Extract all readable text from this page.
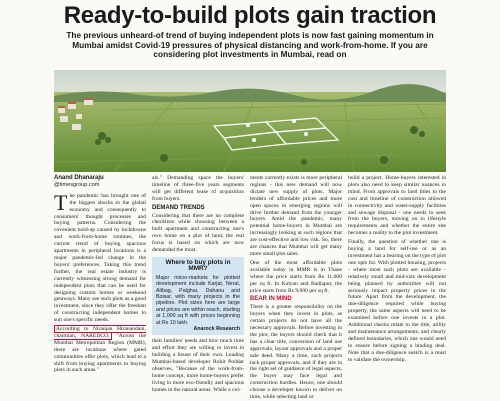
Ready-to-build plots gain traction
The previous unheard-of trend of buying independent plots is now fast gaining momentum in Mumbai amidst Covid-19 pressures of physical distancing and work-from-home. If you are considering plot investments in Mumbai, read on
Anand Dhanaraju
@timesgroup.com
T he pandemic has brought one of the biggest shocks to the global economy and consequently to consumers' thought processes and buying patterns. Considering the covenient hold-up caused by lockdowns and work-from-home routines, the current trend of buying spacious apartments in peripheral locations is a major pandemic-led change in the buyers' preferences. Taking this trend further, the real estate industry is currently witnessing strong demand for independent plots that can be used for designing custom homes or weekend getaways. Many see such plots as a good investment, since they offer the freedom of constructing independent homes to suit one's specific needs.

According to Niranjan Hiranandani, chairman, NAREDCO, "Across the Mumbai Metropolitan Region (MMR), there are locations where gated communities offer plots, which lead to a shift from buying apartments to buying plots in such areas."

als." Demanding space the buyers' timeline of three-five years segments will get different lease of acquisition from buyers.

DEMAND TRENDS

Considering that there are no complete checklists while choosing between a built apartment and constructing one's own home on a plot of land, the real focus is based on which are now demanded the most.

Where to buy plots in MMR?
Major micro-markets for plotted development include Karjat, Neral, Alibag, Palghar, Dahanu and Boisar, with many projects in the pipeline. Plot sizes here are large and prices are within reach, starting at 1,000 sq ft with prices beginning at Rs 10 lakh.
Anarock Research

their families' needs and how much time and effort they are willing to invest in building a house of their own. Leading Mumbai-based developer Rohit Poddar observes, "Because of the work-from-home concept, more home-buyers prefer living in more eco-friendly and spacious homes in the natural areas. While a col-

ments currently exists is more peripheral regions - this new demand will now dictate new supply of plots. Major lenders of affordable prices and more open spaces in emerging regions will drive further demand from the younger buyers. Amid the pandemic, many potential home-buyers in Mumbai are increasingly looking at such regions that are cost-effective and low risk. So, there are chances that Mumbai will get many more small plot sales.

One of the most affordable plots available today in MMR is in Thane where the price starts from Rs 11,000 per sq ft. In Kalyan and Badlapur, the price starts from Rs 9,000 per sq ft.

BEAR IN MIND

There is a greater responsibility on the buyers when they invest in plots, as certain projects do not have all the necessary approvals. Before investing in the plot, the buyers should check that it has a clear title, conversion of land use approvals, layout approvals and a proper sale deed. Many a time, such projects lack proper approvals, and if they are in the right set of guidance of legal aspects, the buyer may face legal and construction hurdles. Hence, one should choose a developer known to deliver on time, while selecting land or

build a project. Home-buyers interested in plots also need to keep similar nuances in mind. From approvals to land titles to the cost and timeline of construction allowed in connectivity and water-supply facilities and sewage disposal - one needs to seek from the buyers, moving on to lifestyle requirements and whether the entire site becomes a reality to the plot investment.

Finally, the question of whether one is buying a land for self-use or as an investment has a bearing on the type of plot one opts for. With plotted housing, projects - where most such plots are available - relatively small and mid-size development being planned by authorities will not seriously impact property prices in the future. Apart from the development, the due-diligence required while buying property, the same aspects will need to be examined before one invests in a plot. Additional checks relate to the title, utility and maintenance arrangements, and clearly defined boundaries, which one would need to ensure before signing a binding deal. Note that a due-diligence search is a must to validate the ownership.
